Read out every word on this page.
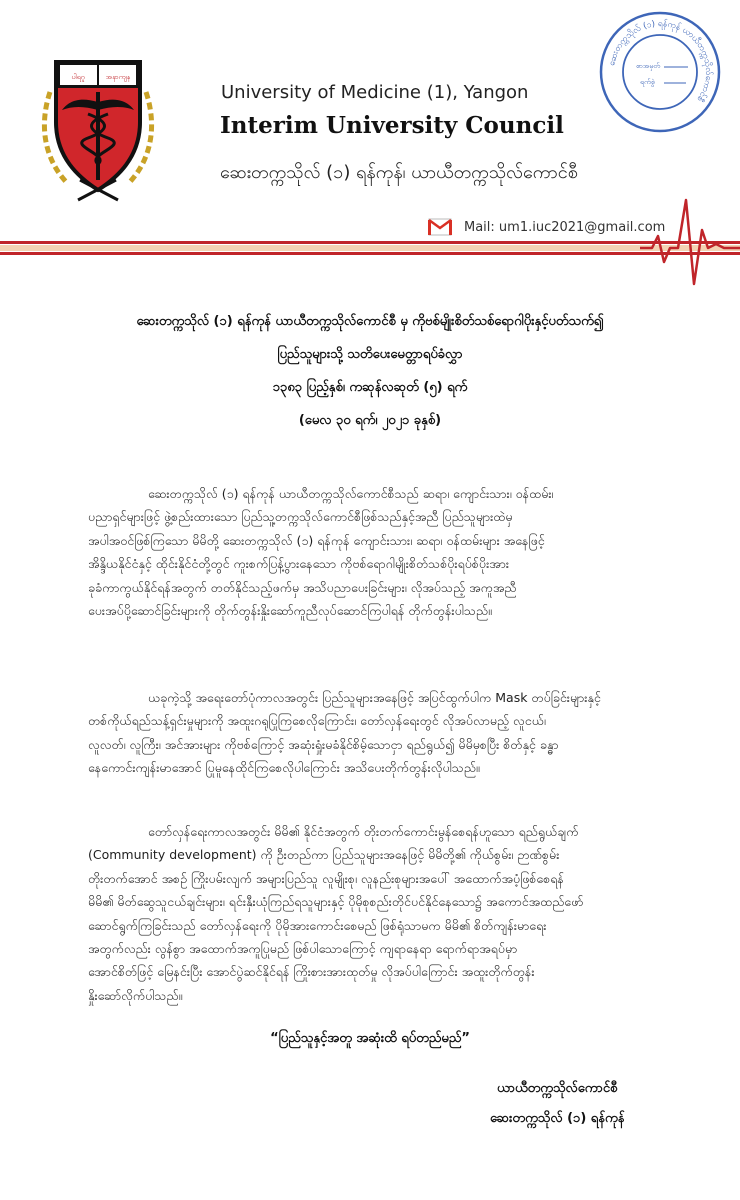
ပါရဂူ	အနာကျန
University of Medicine (1), Yangon
Interim University Council
ဆေးတက္ကသိုလ် (၁) ရန်ကုန်၊ ယာယီတက္ကသိုလ်ကောင်စီ
ဆေးတက္ကသိုလ် (၁) ရန်ကုန် ယာယီတက္ကသိုလ်ကောင်စီ
စာအမှတ်
ရက်စွဲ
Mail: um1.iuc2021@gmail.com
ဆေးတက္ကသိုလ် (၁) ရန်ကုန် ယာယီတက္ကသိုလ်ကောင်စီ မှ ကိုဗစ်မျိုးစိတ်သစ်ရောဂါပိုးနှင့်ပတ်သက်၍
ပြည်သူများသို့ သတိပေးမေတ္တာရပ်ခံလွှာ
၁၃၈၃ ပြည့်နှစ်၊ ကဆုန်လဆုတ် (၅) ရက်
(မေလ ၃၀ ရက်၊ ၂၀၂၁ ခုနှစ်)
ဆေးတက္ကသိုလ် (၁) ရန်ကုန် ယာယီတက္ကသိုလ်ကောင်စီသည် ဆရာ၊ ကျောင်းသား၊ ဝန်ထမ်း၊
ပညာရှင်များဖြင့် ဖွဲ့စည်းထားသော ပြည်သူ့တက္ကသိုလ်ကောင်စီဖြစ်သည်နှင့်အညီ ပြည်သူများထဲမှ
အပါအဝင်ဖြစ်ကြသော မိမိတို့ ဆေးတက္ကသိုလ် (၁) ရန်ကုန် ကျောင်းသား၊ ဆရာ၊ ဝန်ထမ်းများ အနေဖြင့်
အိန္ဒိယနိုင်ငံနှင့် ထိုင်းနိုင်ငံတို့တွင် ကူးစက်ပြန့်ပွားနေသော ကိုဗစ်ရောဂါမျိုးစိတ်သစ်ပိုးရပ်စ်ပိုးအား
ခုခံကာကွယ်နိုင်ရန်အတွက် တတ်နိုင်သည့်ဖက်မှ အသိပညာပေးခြင်းများ၊ လိုအပ်သည့် အကူအညီ
ပေးအပ်ပို့ဆောင်ခြင်းများကို တိုက်တွန်းနှိုးဆော်ကူညီလုပ်ဆောင်ကြပါရန် တိုက်တွန်းပါသည်။
ယခုကဲ့သို့ အရေးတော်ပုံကာလအတွင်း ပြည်သူများအနေဖြင့် အပြင်ထွက်ပါက Mask တပ်ခြင်းများနှင့်
တစ်ကိုယ်ရည်သန့်ရှင်းမှုများကို အထူးဂရုပြုကြစေလိုကြောင်း၊ တော်လှန်ရေးတွင် လိုအပ်လာမည့် လူငယ်၊
လူလတ်၊ လူကြီး၊ အင်အားများ ကိုဗစ်ကြောင့် အဆုံးရှုံးမခံနိုင်စိမ့်သောငှာ ရည်ရွယ်၍ မိမိမှစပြီး စိတ်နှင့် ခန္ဓာ
နေကောင်းကျန်းမာအောင် ပြုမူနေထိုင်ကြစေလိုပါကြောင်း အသိပေးတိုက်တွန်းလိုပါသည်။
တော်လှန်ရေးကာလအတွင်း မိမိ၏ နိုင်ငံအတွက် တိုးတက်ကောင်းမွန်စေရန်ဟူသော ရည်ရွယ်ချက်
(Community development) ကို ဦးတည်ကာ ပြည်သူများအနေဖြင့် မိမိတို့၏ ကိုယ်စွမ်း၊ ဉာဏ်စွမ်း
တိုးတက်အောင် အစဉ် ကြိုးပမ်းလျက် အများပြည်သူ လူမျိုးစု၊ လူနည်းစုများအပေါ် အထောက်အပံ့ဖြစ်စေရန်
မိမိ၏ မိတ်ဆွေသူငယ်ချင်းများ၊ ရင်းနှီးယုံကြည်ရသူများနှင့် ပိုမိုစုစည်းတိုင်ပင်နိုင်နေသော၌ အကောင်အထည်ဖော်
ဆောင်ရွက်ကြခြင်းသည် တော်လှန်ရေးကို ပိုမိုအားကောင်းစေမည် ဖြစ်ရုံသာမက မိမိ၏ စိတ်ကျန်းမာရေး
အတွက်လည်း လွန်စွာ အထောက်အကူပြုမည် ဖြစ်ပါသောကြောင့် ကျရာနေရာ ရောက်ရာအရပ်မှာ
အောင်စိတ်ဖြင့် မြေနင်းပြီး အောင်ပွဲဆင်နိုင်ရန် ကြိုးစားအားထုတ်မှု လိုအပ်ပါကြောင်း အထူးတိုက်တွန်း
နှိုးဆော်လိုက်ပါသည်။
“ပြည်သူနှင့်အတူ အဆုံးထိ ရပ်တည်မည်”
ယာယီတက္ကသိုလ်ကောင်စီ
ဆေးတက္ကသိုလ် (၁) ရန်ကုန်
